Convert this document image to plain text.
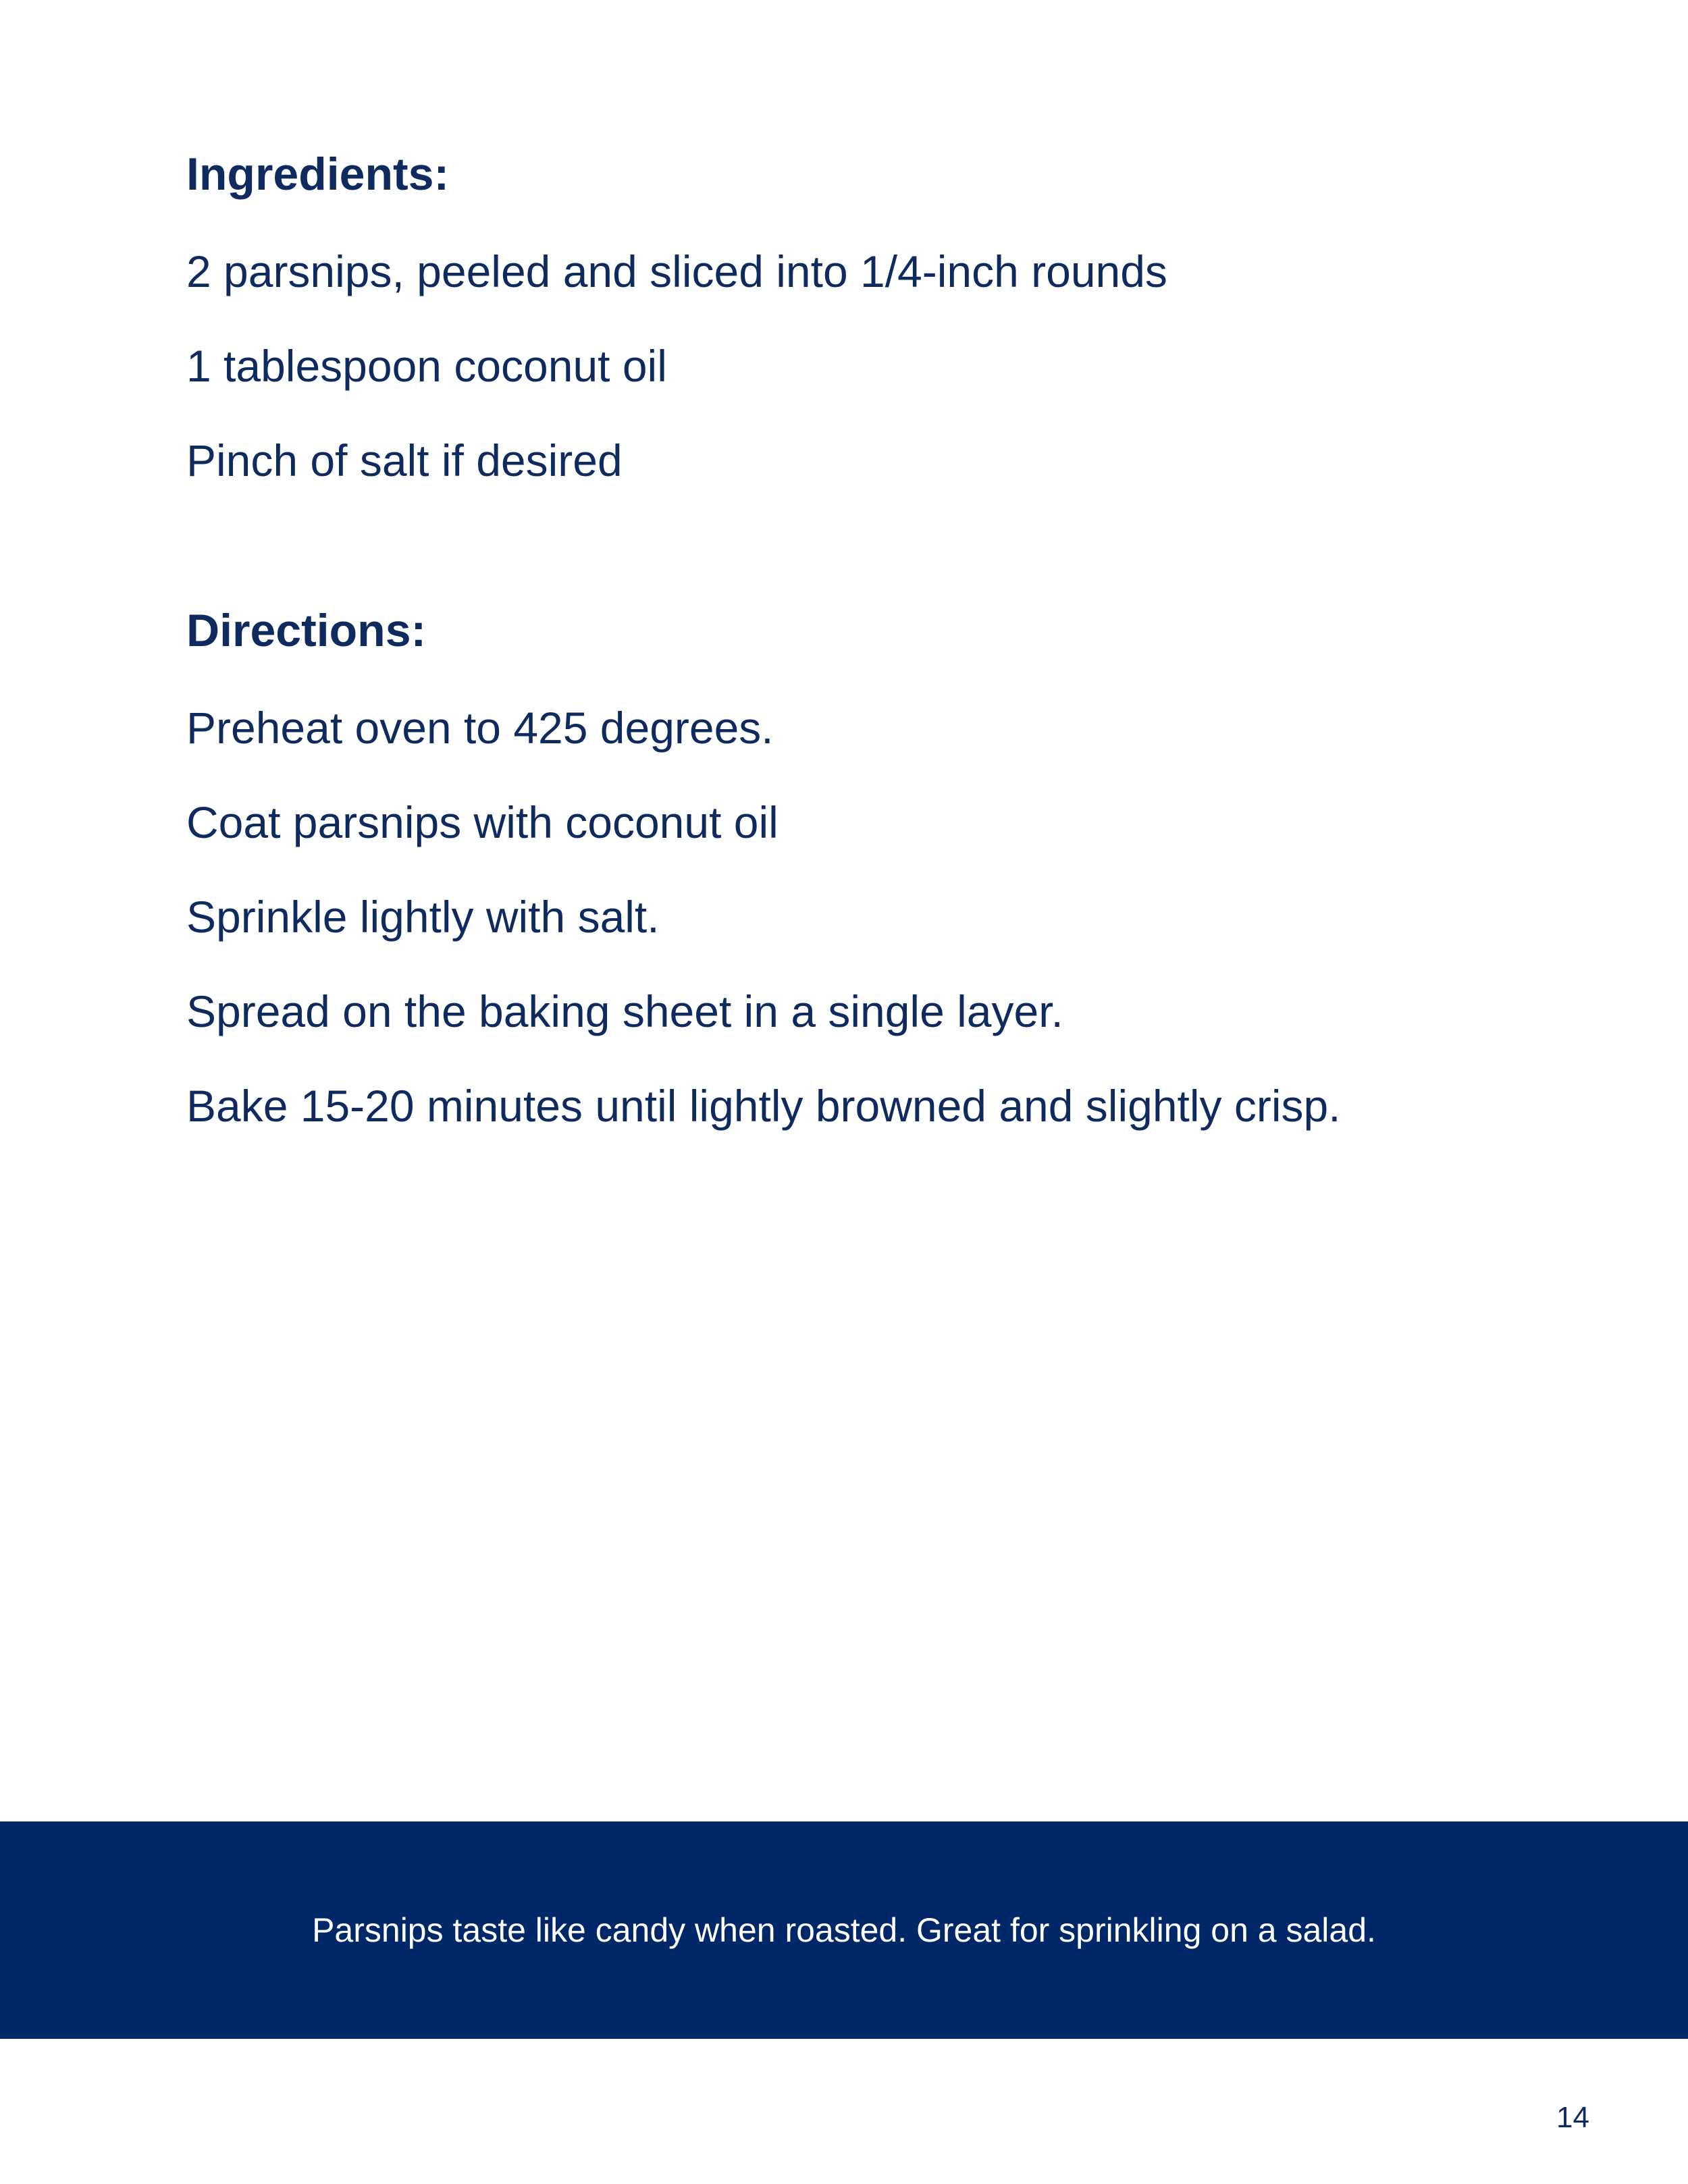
Ingredients:

2 parsnips, peeled and sliced into 1/4-inch rounds

1 tablespoon coconut oil

Pinch of salt if desired

Directions:

Preheat oven to 425 degrees.

Coat parsnips with coconut oil

Sprinkle lightly with salt.

Spread on the baking sheet in a single layer.

Bake 15-20 minutes until lightly browned and slightly crisp.

Parsnips taste like candy when roasted. Great for sprinkling on a salad.
14
